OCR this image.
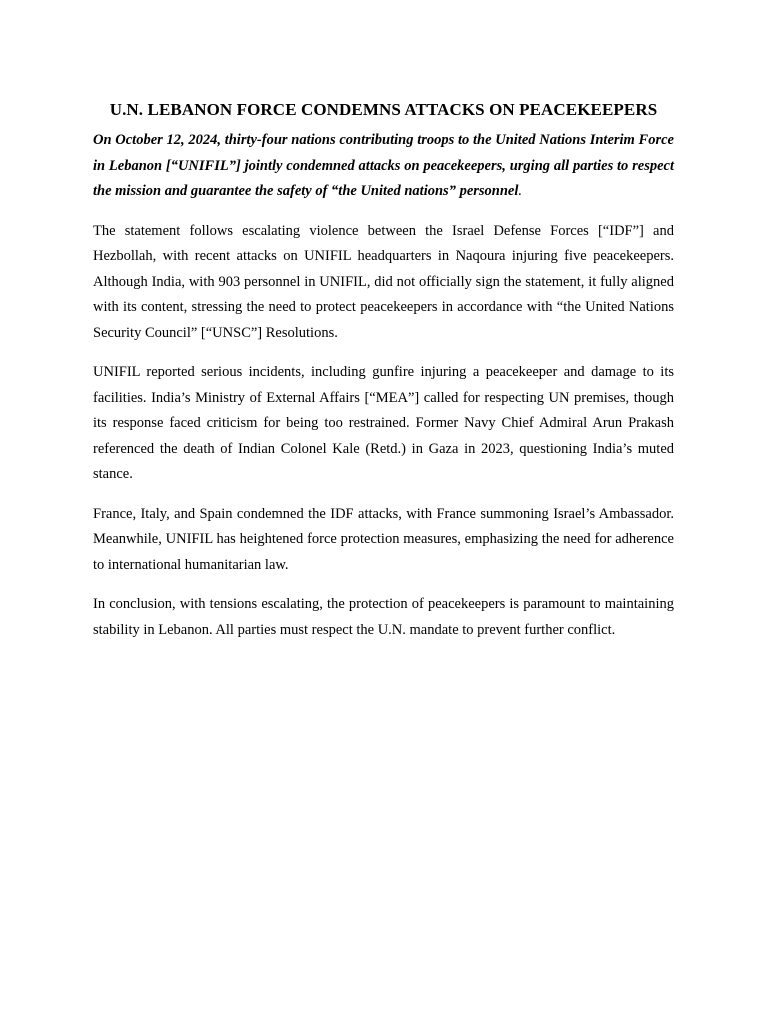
U.N. LEBANON FORCE CONDEMNS ATTACKS ON PEACEKEEPERS

On October 12, 2024, thirty-four nations contributing troops to the United Nations Interim Force in Lebanon [“UNIFIL”] jointly condemned attacks on peacekeepers, urging all parties to respect the mission and guarantee the safety of “the United nations” personnel.

The statement follows escalating violence between the Israel Defense Forces [“IDF”] and Hezbollah, with recent attacks on UNIFIL headquarters in Naqoura injuring five peacekeepers. Although India, with 903 personnel in UNIFIL, did not officially sign the statement, it fully aligned with its content, stressing the need to protect peacekeepers in accordance with “the United Nations Security Council” [“UNSC”] Resolutions.

UNIFIL reported serious incidents, including gunfire injuring a peacekeeper and damage to its facilities. India’s Ministry of External Affairs [“MEA”] called for respecting UN premises, though its response faced criticism for being too restrained. Former Navy Chief Admiral Arun Prakash referenced the death of Indian Colonel Kale (Retd.) in Gaza in 2023, questioning India’s muted stance.

France, Italy, and Spain condemned the IDF attacks, with France summoning Israel’s Ambassador. Meanwhile, UNIFIL has heightened force protection measures, emphasizing the need for adherence to international humanitarian law.

In conclusion, with tensions escalating, the protection of peacekeepers is paramount to maintaining stability in Lebanon. All parties must respect the U.N. mandate to prevent further conflict.
